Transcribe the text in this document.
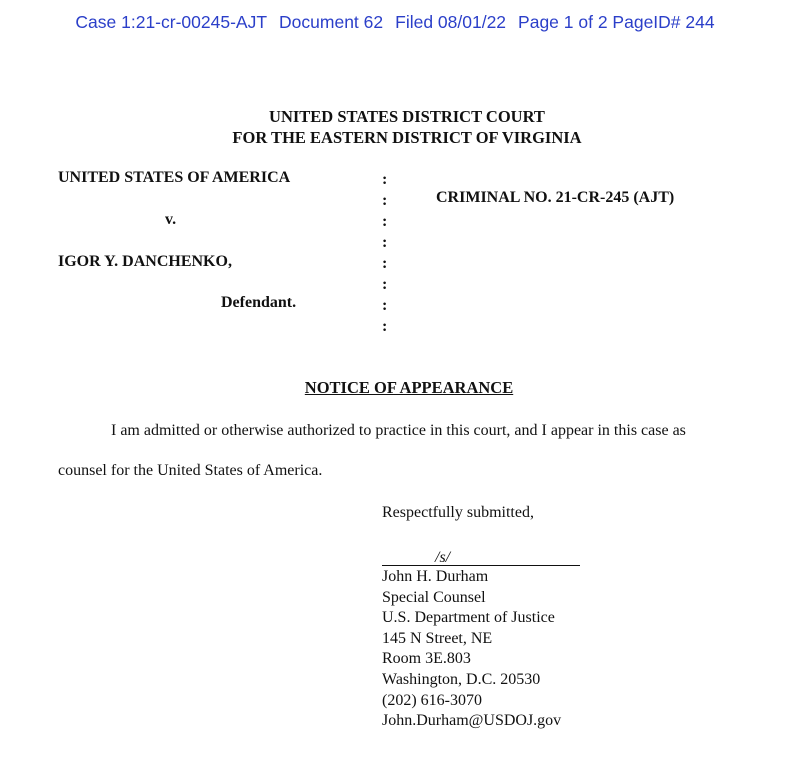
Case 1:21-cr-00245-AJT Document 62 Filed 08/01/22 Page 1 of 2 PageID# 244
UNITED STATES DISTRICT COURT
FOR THE EASTERN DISTRICT OF VIRGINIA
UNITED STATES OF AMERICA
v.
IGOR Y. DANCHENKO,
Defendant.
:
:
:
:
:
:
:
:
CRIMINAL NO. 21-CR-245 (AJT)
NOTICE OF APPEARANCE
I am admitted or otherwise authorized to practice in this court, and I appear in this case as
counsel for the United States of America.
Respectfully submitted,
/s/
John H. Durham
Special Counsel
U.S. Department of Justice
145 N Street, NE
Room 3E.803
Washington, D.C. 20530
(202) 616-3070
John.Durham@USDOJ.gov
